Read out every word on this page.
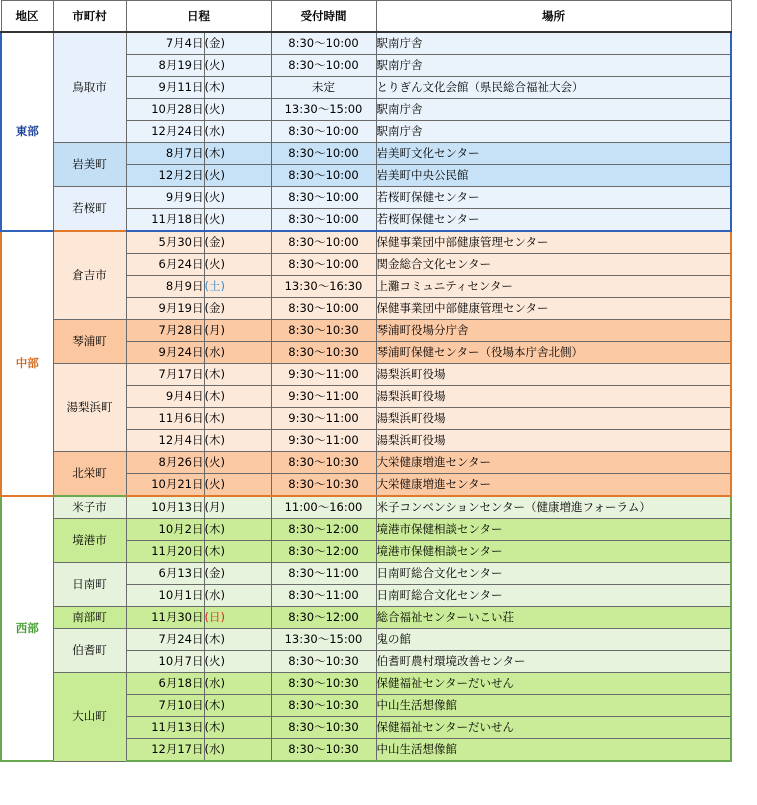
地区	市町村	日程		受付時間	場所
東部	鳥取市	7月4日	(金)	8:30～10:00	駅南庁舎
		8月19日	(火)	8:30～10:00	駅南庁舎
		9月11日	(木)	未定	とりぎん文化会館（県民総合福祉大会）
		10月28日	(火)	13:30～15:00	駅南庁舎
		12月24日	(水)	8:30～10:00	駅南庁舎
	岩美町	8月7日	(木)	8:30～10:00	岩美町文化センター
		12月2日	(火)	8:30～10:00	岩美町中央公民館
	若桜町	9月9日	(火)	8:30～10:00	若桜町保健センター
		11月18日	(火)	8:30～10:00	若桜町保健センター
中部	倉吉市	5月30日	(金)	8:30～10:00	保健事業団中部健康管理センター
		6月24日	(火)	8:30～10:00	関金総合文化センター
		8月9日	(土)	13:30～16:30	上灘コミュニティセンター
		9月19日	(金)	8:30～10:00	保健事業団中部健康管理センター
	琴浦町	7月28日	(月)	8:30～10:30	琴浦町役場分庁舎
		9月24日	(水)	8:30～10:30	琴浦町保健センター（役場本庁舎北側）
	湯梨浜町	7月17日	(木)	9:30～11:00	湯梨浜町役場
		9月4日	(木)	9:30～11:00	湯梨浜町役場
		11月6日	(木)	9:30～11:00	湯梨浜町役場
		12月4日	(木)	9:30～11:00	湯梨浜町役場
	北栄町	8月26日	(火)	8:30～10:30	大栄健康増進センター
		10月21日	(火)	8:30～10:30	大栄健康増進センター
西部	米子市	10月13日	(月)	11:00～16:00	米子コンベンションセンター（健康増進フォーラム）
	境港市	10月2日	(木)	8:30～12:00	境港市保健相談センター
		11月20日	(木)	8:30～12:00	境港市保健相談センター
	日南町	6月13日	(金)	8:30～11:00	日南町総合文化センター
		10月1日	(水)	8:30～11:00	日南町総合文化センター
	南部町	11月30日	(日)	8:30～12:00	総合福祉センターいこい荘
	伯耆町	7月24日	(木)	13:30～15:00	鬼の館
		10月7日	(火)	8:30～10:30	伯耆町農村環境改善センター
	大山町	6月18日	(水)	8:30～10:30	保健福祉センターだいせん
		7月10日	(木)	8:30～10:30	中山生活想像館
		11月13日	(木)	8:30～10:30	保健福祉センターだいせん
		12月17日	(水)	8:30～10:30	中山生活想像館
